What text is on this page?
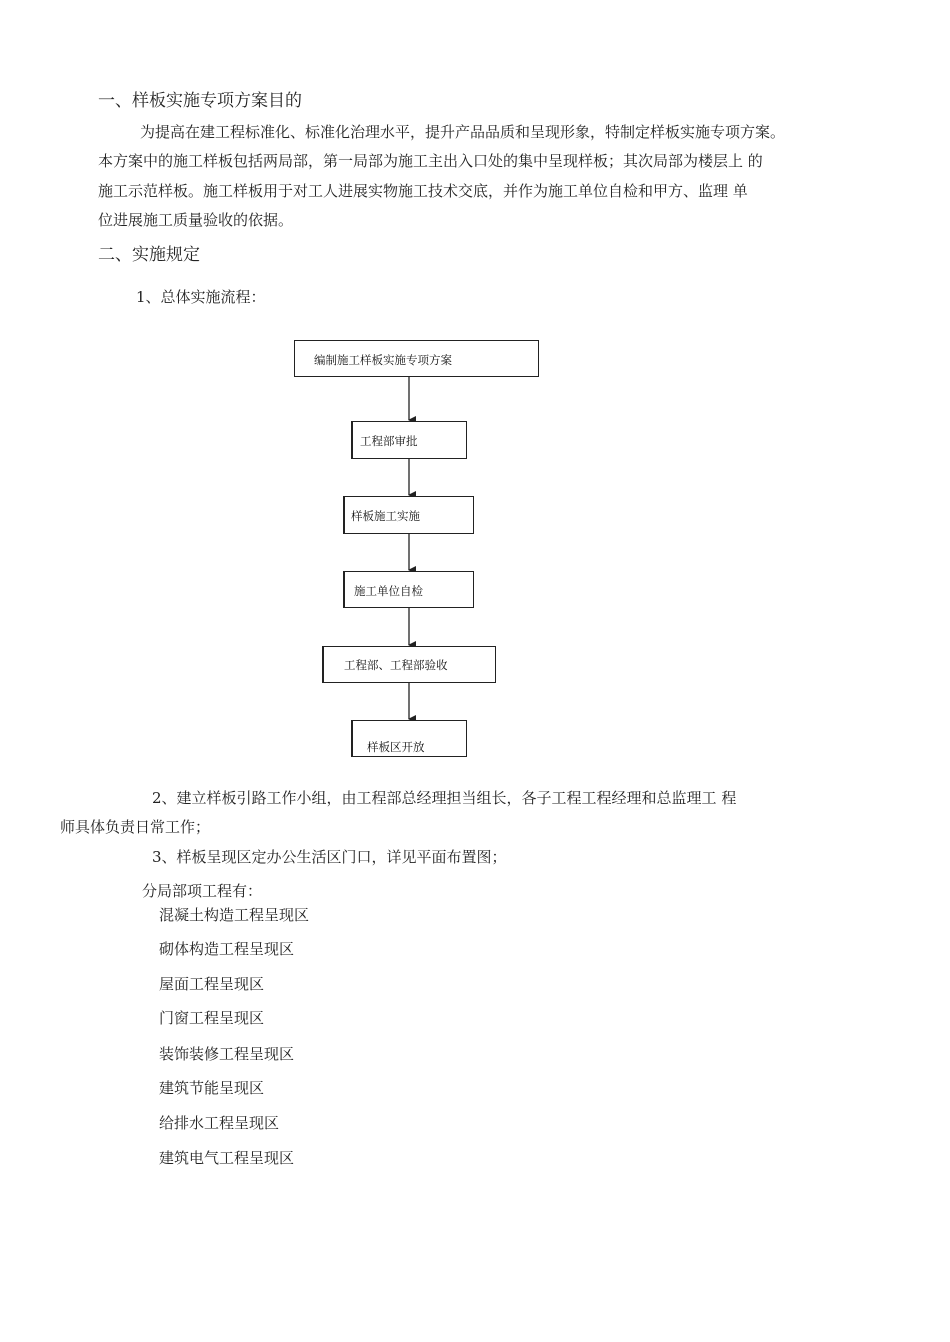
一、样板实施专项方案目的
为提高在建工程标准化、标准化治理水平，提升产品品质和呈现形象，特制定样板实施专项方案。
本方案中的施工样板包括两局部，第一局部为施工主出入口处的集中呈现样板；其次局部为楼层上 的
施工示范样板。施工样板用于对工人进展实物施工技术交底，并作为施工单位自检和甲方、监理 单
位进展施工质量验收的依据。
二、实施规定
1、总体实施流程：
编制施工样板实施专项方案
工程部审批
样板施工实施
施工单位自检
工程部、工程部验收
样板区开放
2、建立样板引路工作小组，由工程部总经理担当组长，各子工程工程经理和总监理工 程
师具体负责日常工作；
3、样板呈现区定办公生活区门口，详见平面布置图；
分局部项工程有：
混凝土构造工程呈现区
砌体构造工程呈现区
屋面工程呈现区
门窗工程呈现区
装饰装修工程呈现区
建筑节能呈现区
给排水工程呈现区
建筑电气工程呈现区
